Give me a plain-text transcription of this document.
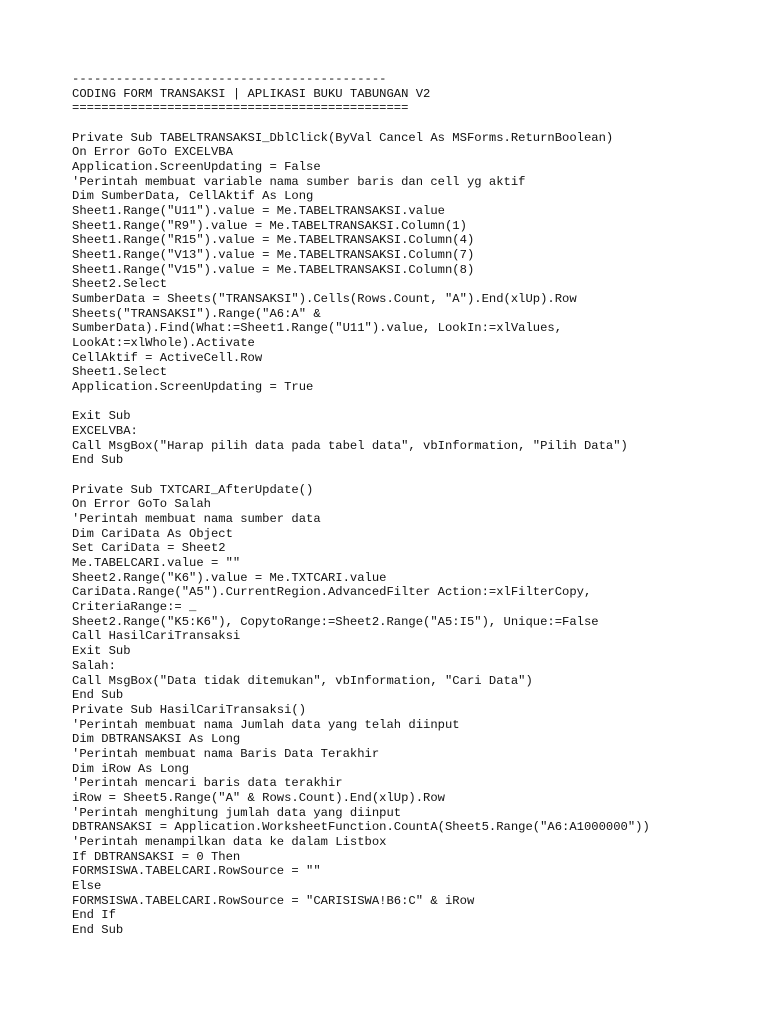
-------------------------------------------
CODING FORM TRANSAKSI | APLIKASI BUKU TABUNGAN V2
==============================================
Private Sub TABELTRANSAKSI_DblClick(ByVal Cancel As MSForms.ReturnBoolean)
On Error GoTo EXCELVBA
Application.ScreenUpdating = False
'Perintah membuat variable nama sumber baris dan cell yg aktif
Dim SumberData, CellAktif As Long
Sheet1.Range("U11").value = Me.TABELTRANSAKSI.value
Sheet1.Range("R9").value = Me.TABELTRANSAKSI.Column(1)
Sheet1.Range("R15").value = Me.TABELTRANSAKSI.Column(4)
Sheet1.Range("V13").value = Me.TABELTRANSAKSI.Column(7)
Sheet1.Range("V15").value = Me.TABELTRANSAKSI.Column(8)
Sheet2.Select
SumberData = Sheets("TRANSAKSI").Cells(Rows.Count, "A").End(xlUp).Row
Sheets("TRANSAKSI").Range("A6:A" &
SumberData).Find(What:=Sheet1.Range("U11").value, LookIn:=xlValues,
LookAt:=xlWhole).Activate
CellAktif = ActiveCell.Row
Sheet1.Select
Application.ScreenUpdating = True
Exit Sub
EXCELVBA:
Call MsgBox("Harap pilih data pada tabel data", vbInformation, "Pilih Data")
End Sub
Private Sub TXTCARI_AfterUpdate()
On Error GoTo Salah
'Perintah membuat nama sumber data
Dim CariData As Object
Set CariData = Sheet2
Me.TABELCARI.value = ""
Sheet2.Range("K6").value = Me.TXTCARI.value
CariData.Range("A5").CurrentRegion.AdvancedFilter Action:=xlFilterCopy,
CriteriaRange:= _
Sheet2.Range("K5:K6"), CopytoRange:=Sheet2.Range("A5:I5"), Unique:=False
Call HasilCariTransaksi
Exit Sub
Salah:
Call MsgBox("Data tidak ditemukan", vbInformation, "Cari Data")
End Sub
Private Sub HasilCariTransaksi()
'Perintah membuat nama Jumlah data yang telah diinput
Dim DBTRANSAKSI As Long
'Perintah membuat nama Baris Data Terakhir
Dim iRow As Long
'Perintah mencari baris data terakhir
iRow = Sheet5.Range("A" & Rows.Count).End(xlUp).Row
'Perintah menghitung jumlah data yang diinput
DBTRANSAKSI = Application.WorksheetFunction.CountA(Sheet5.Range("A6:A1000000"))
'Perintah menampilkan data ke dalam Listbox
If DBTRANSAKSI = 0 Then
FORMSISWA.TABELCARI.RowSource = ""
Else
FORMSISWA.TABELCARI.RowSource = "CARISISWA!B6:C" & iRow
End If
End Sub
